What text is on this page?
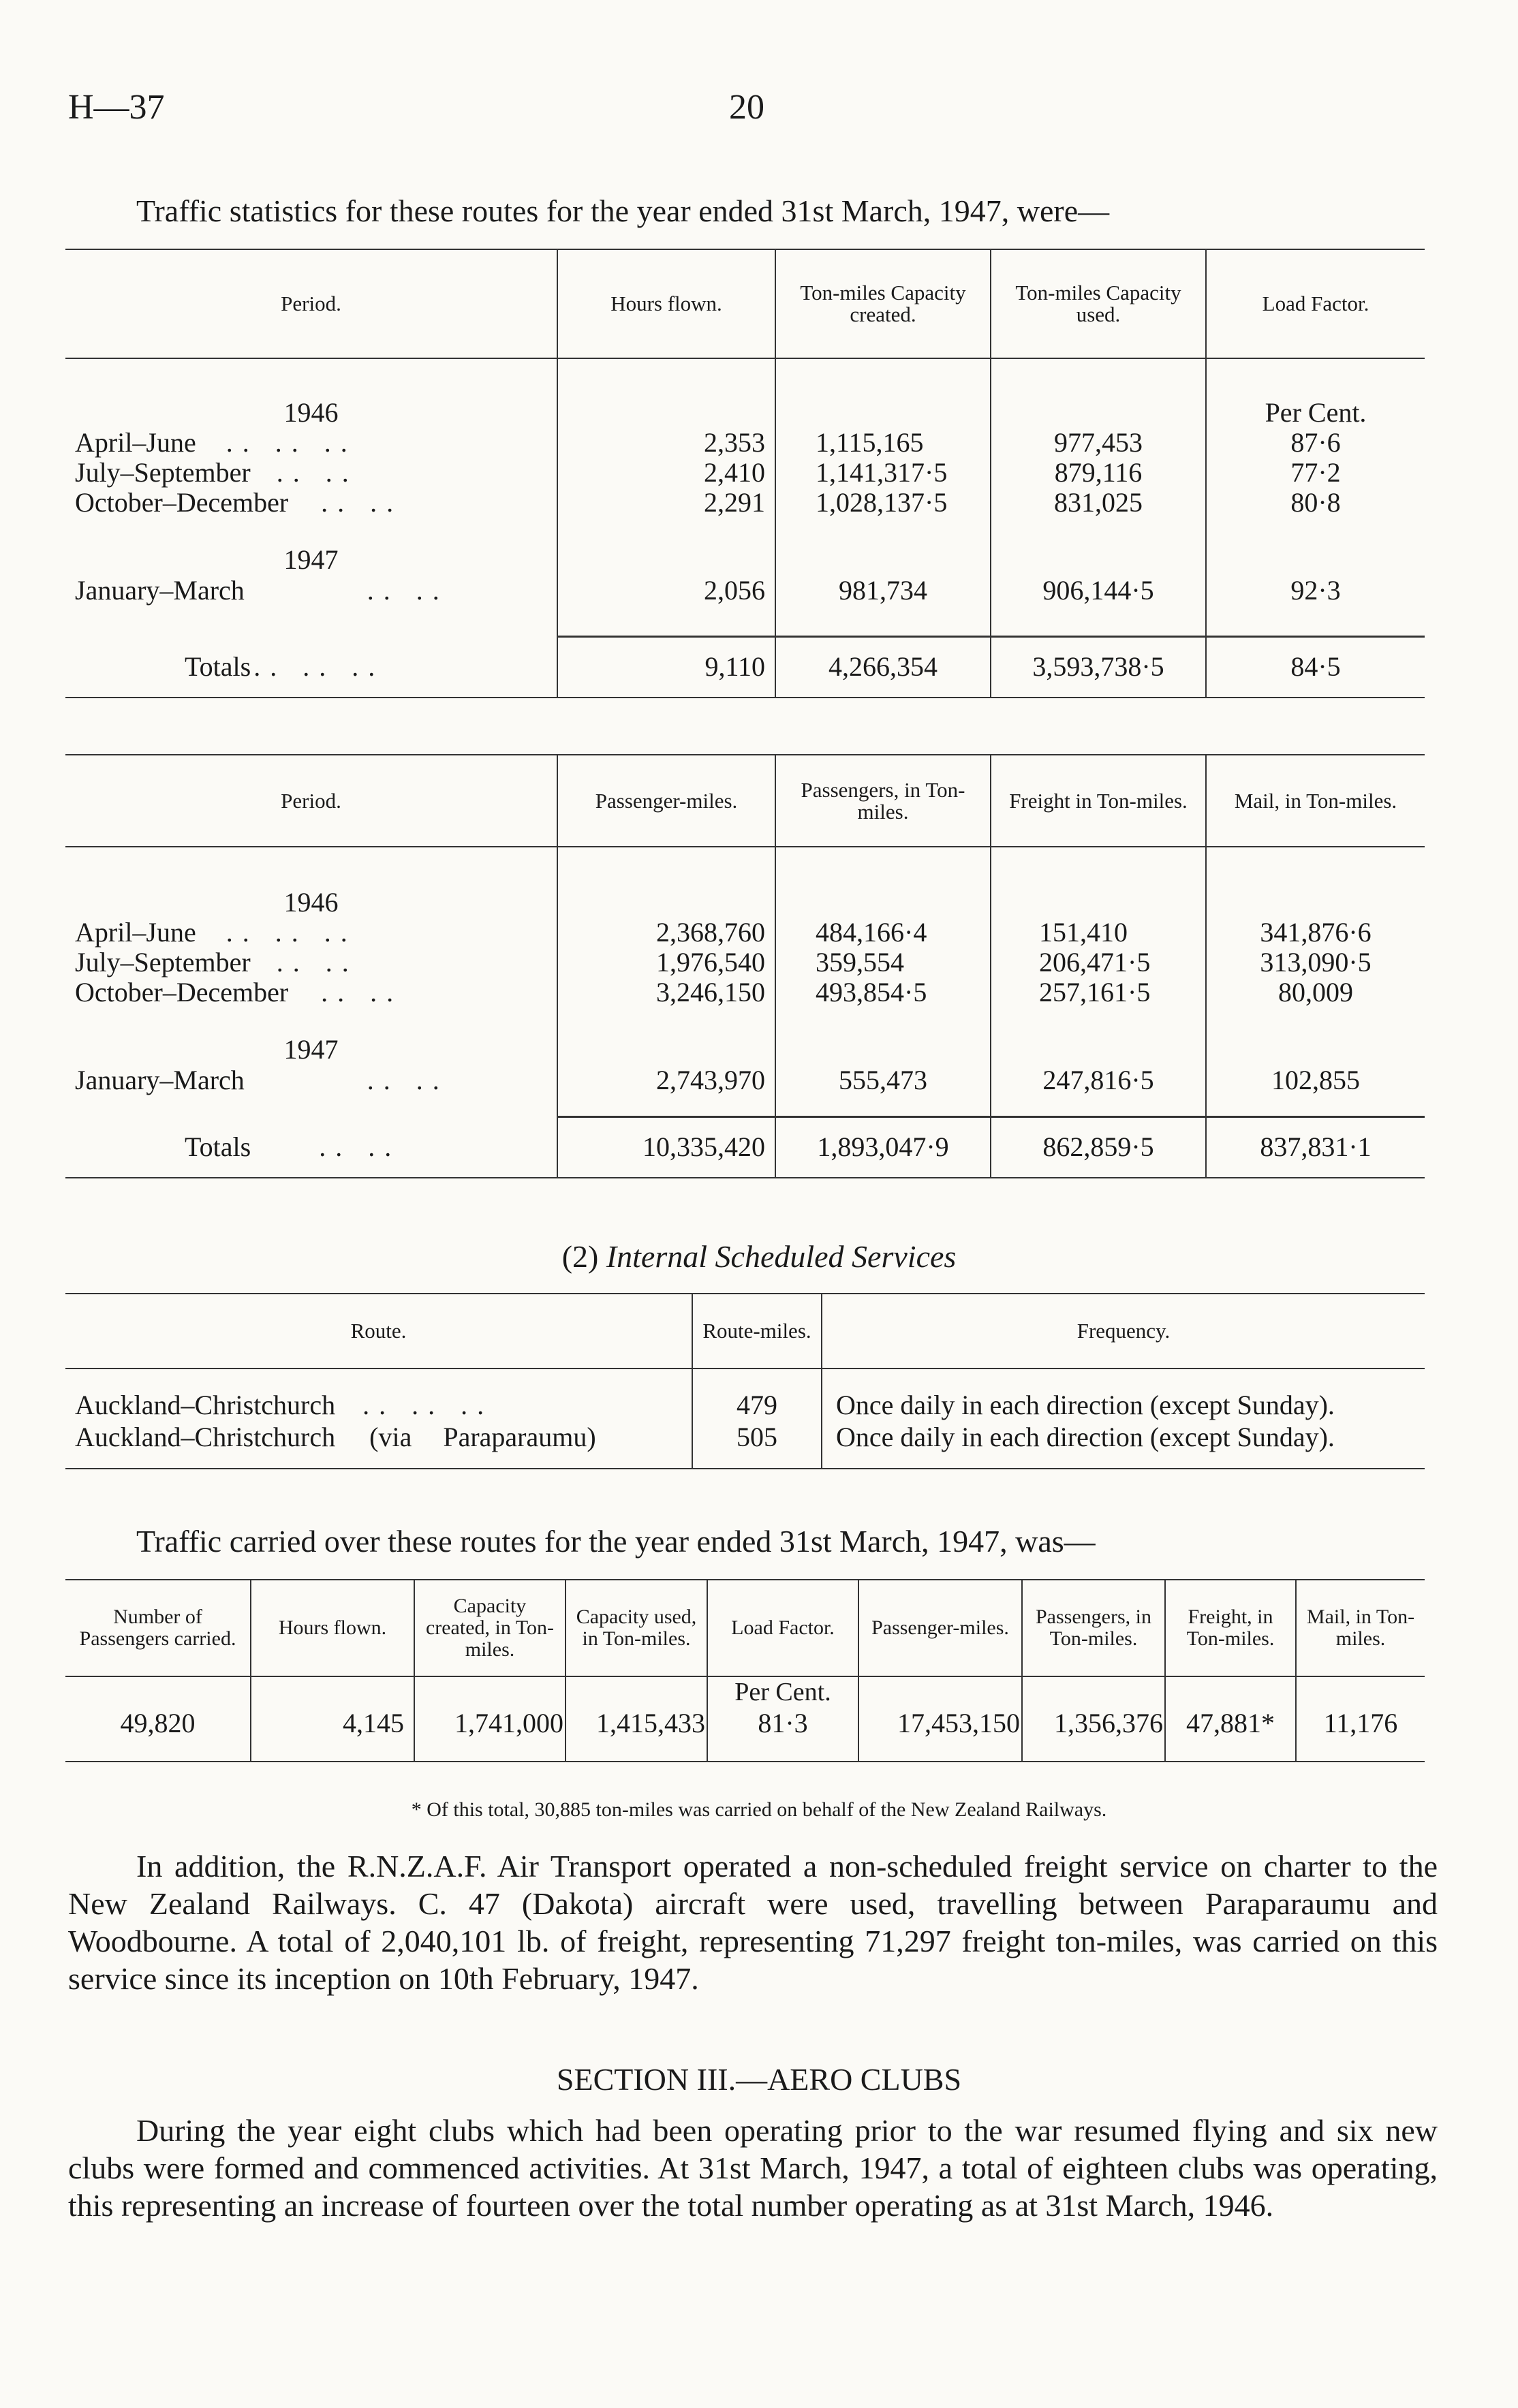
H—37	20
Traffic statistics for these routes for the year ended 31st March, 1947, were—
Period.	Hours flown.	Ton-miles Capacity created.	Ton-miles Capacity used.	Load Factor.

1946				Per Cent.
April–June .. .. ..	2,353	1,115,165	977,453	87·6
July–September .. ..	2,410	1,141,317·5	879,116	77·2
October–December .. ..	2,291	1,028,137·5	831,025	80·8

1947				
January–March .. ..	2,056	981,734	906,144·5	92·3

Totals .. .. ..	9,110	4,266,354	3,593,738·5	84·5
Period.	Passenger-miles.	Passengers, in Ton-miles.	Freight in Ton-miles.	Mail, in Ton-miles.

1946				
April–June .. .. ..	2,368,760	484,166·4	151,410	341,876·6
July–September .. ..	1,976,540	359,554	206,471·5	313,090·5
October–December .. ..	3,246,150	493,854·5	257,161·5	80,009

1947				
January–March .. ..	2,743,970	555,473	247,816·5	102,855

Totals .. ..	10,335,420	1,893,047·9	862,859·5	837,831·1
(2) Internal Scheduled Services
Route.	Route-miles.	Frequency.

Auckland–Christchurch .. .. ..	479	Once daily in each direction (except Sunday).
Auckland–Christchurch (via Paraparaumu)	505	Once daily in each direction (except Sunday).
Traffic carried over these routes for the year ended 31st March, 1947, was—
Number of Passengers carried.	Hours flown.	Capacity created, in Ton-miles.	Capacity used, in Ton-miles.	Load Factor.	Passenger-miles.	Passengers, in Ton-miles.	Freight, in Ton-miles.	Mail, in Ton-miles.
				Per Cent.				
49,820	4,145	1,741,000	1,415,433	81·3	17,453,150	1,356,376	47,881*	11,176
* Of this total, 30,885 ton-miles was carried on behalf of the New Zealand Railways.
In addition, the R.N.Z.A.F. Air Transport operated a non-scheduled freight service on charter to the New Zealand Railways. C. 47 (Dakota) aircraft were used, travelling between Paraparaumu and Woodbourne. A total of 2,040,101 lb. of freight, representing 71,297 freight ton-miles, was carried on this service since its inception on 10th February, 1947.
SECTION III.—AERO CLUBS
During the year eight clubs which had been operating prior to the war resumed flying and six new clubs were formed and commenced activities. At 31st March, 1947, a total of eighteen clubs was operating, this representing an increase of fourteen over the total number operating as at 31st March, 1946.
